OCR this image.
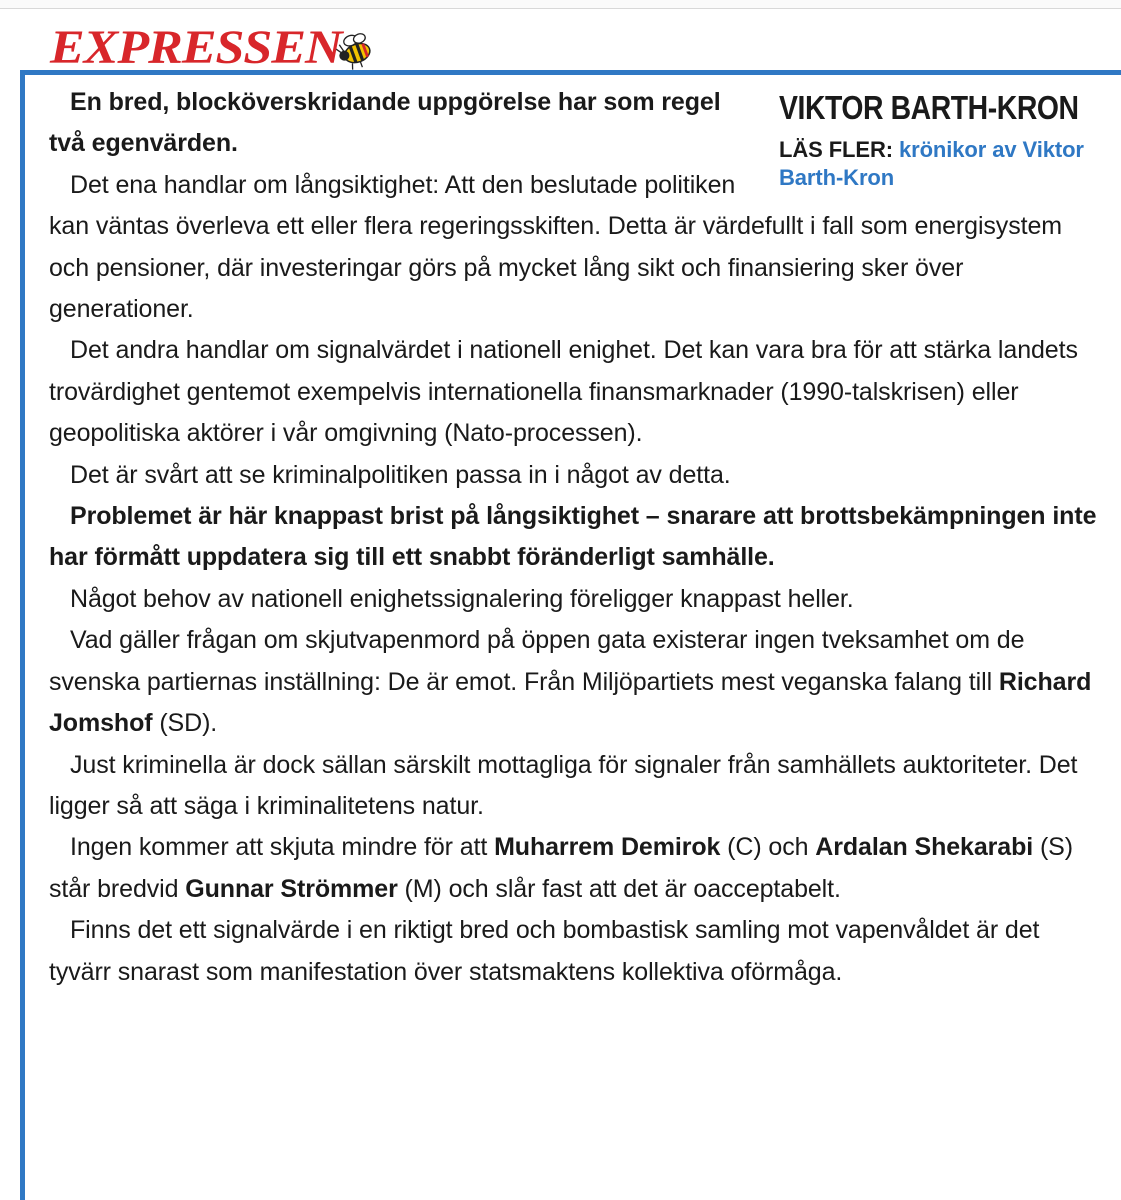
EXPRESSEN
VIKTOR BARTH-KRON
LÄS FLER: krönikor av Viktor Barth-Kron

En bred, blocköverskridande uppgörelse har som regel två egenvärden.

Det ena handlar om långsiktighet: Att den beslutade politiken kan väntas överleva ett eller flera regeringsskiften. Detta är värdefullt i fall som energisystem och pensioner, där investeringar görs på mycket lång sikt och finansiering sker över generationer.

Det andra handlar om signalvärdet i nationell enighet. Det kan vara bra för att stärka landets trovärdighet gentemot exempelvis internationella finansmarknader (1990-talskrisen) eller geopolitiska aktörer i vår omgivning (Nato-processen).

Det är svårt att se kriminalpolitiken passa in i något av detta.

Problemet är här knappast brist på långsiktighet – snarare att brottsbekämpningen inte har förmått uppdatera sig till ett snabbt föränderligt samhälle.

Något behov av nationell enighetssignalering föreligger knappast heller.

Vad gäller frågan om skjutvapenmord på öppen gata existerar ingen tveksamhet om de svenska partiernas inställning: De är emot. Från Miljöpartiets mest veganska falang till Richard Jomshof (SD).

Just kriminella är dock sällan särskilt mottagliga för signaler från samhällets auktoriteter. Det ligger så att säga i kriminalitetens natur.

Ingen kommer att skjuta mindre för att Muharrem Demirok (C) och Ardalan Shekarabi (S) står bredvid Gunnar Strömmer (M) och slår fast att det är oacceptabelt.

Finns det ett signalvärde i en riktigt bred och bombastisk samling mot vapenvåldet är det tyvärr snarast som manifestation över statsmaktens kollektiva oförmåga.
